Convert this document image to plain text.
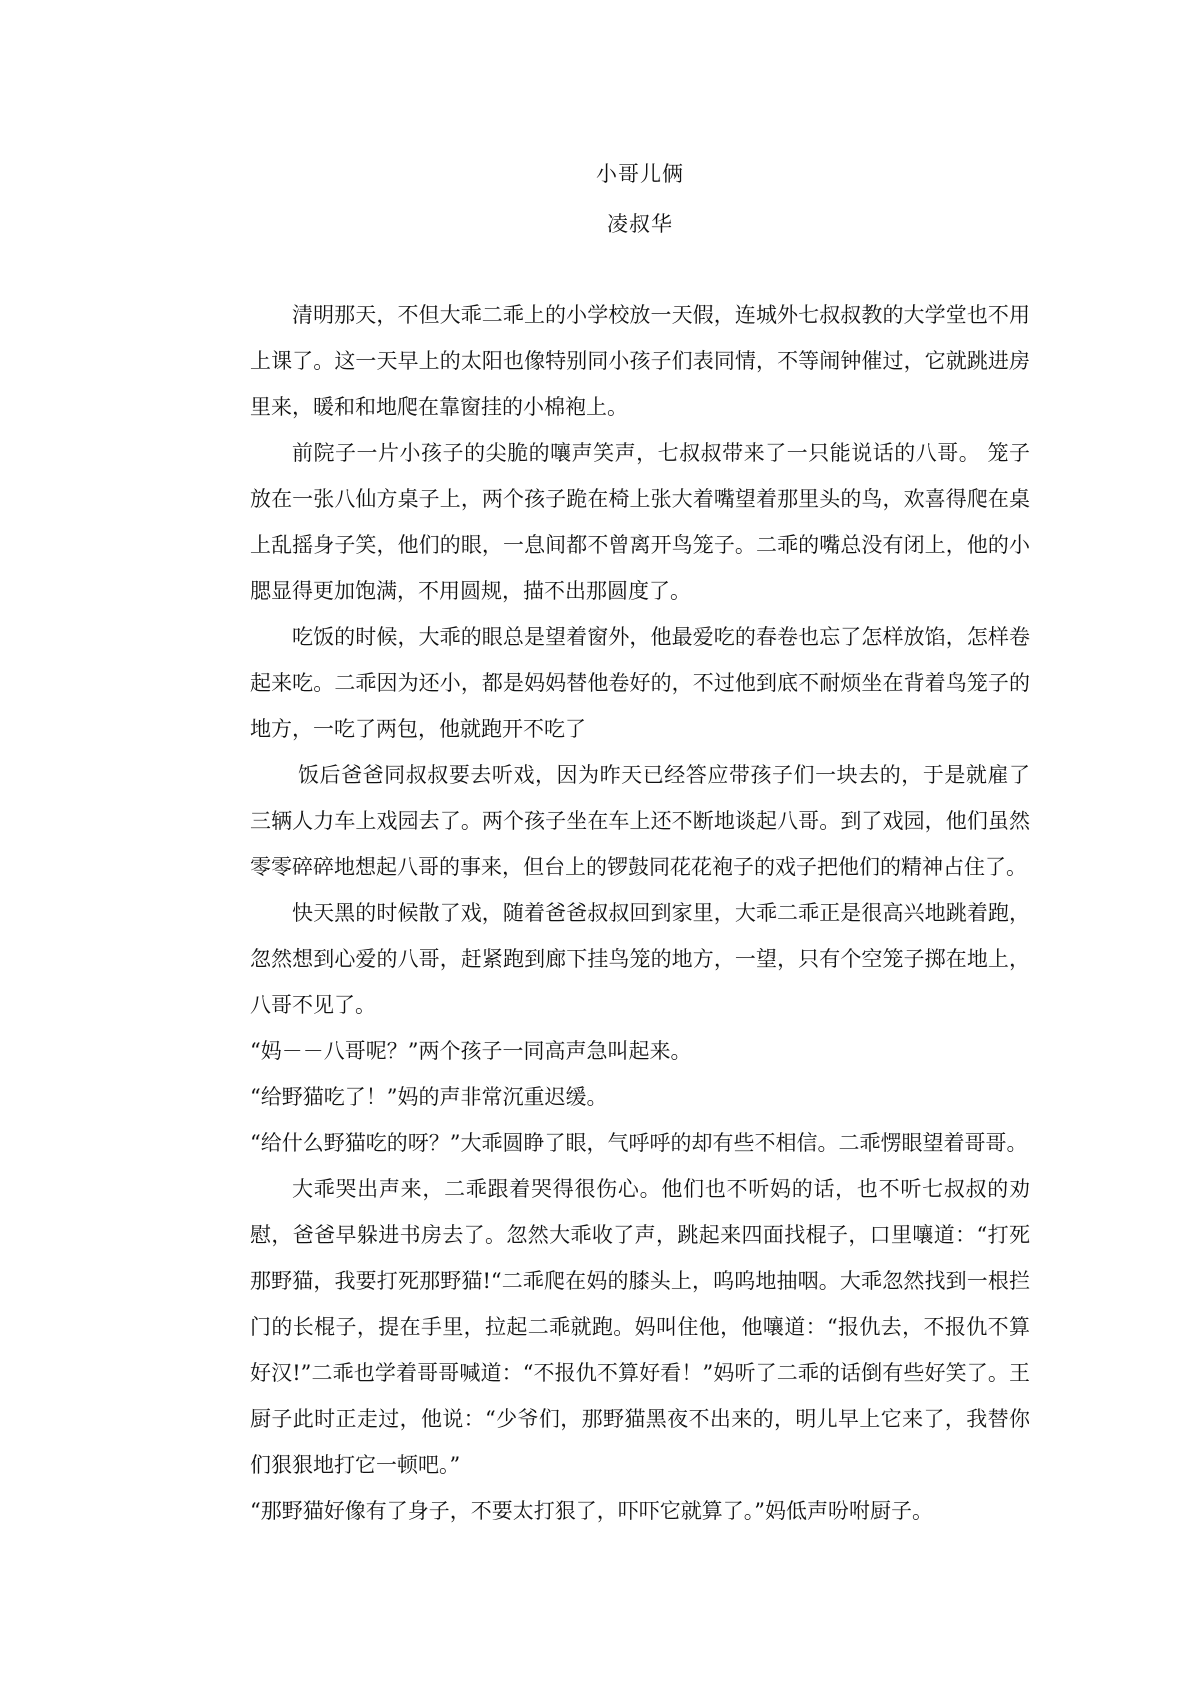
小哥儿俩

凌叔华

清明那天，不但大乖二乖上的小学校放一天假，连城外七叔叔教的大学堂也不用上课了。这一天早上的太阳也像特别同小孩子们表同情，不等闹钟催过，它就跳进房里来，暖和和地爬在靠窗挂的小棉袍上。

前院子一片小孩子的尖脆的嚷声笑声，七叔叔带来了一只能说话的八哥。 笼子放在一张八仙方桌子上，两个孩子跪在椅上张大着嘴望着那里头的鸟，欢喜得爬在桌上乱摇身子笑，他们的眼，一息间都不曾离开鸟笼子。二乖的嘴总没有闭上，他的小腮显得更加饱满，不用圆规，描不出那圆度了。

吃饭的时候，大乖的眼总是望着窗外，他最爱吃的春卷也忘了怎样放馅，怎样卷起来吃。二乖因为还小，都是妈妈替他卷好的，不过他到底不耐烦坐在背着鸟笼子的地方，一吃了两包，他就跑开不吃了

饭后爸爸同叔叔要去听戏，因为昨天已经答应带孩子们一块去的，于是就雇了三辆人力车上戏园去了。两个孩子坐在车上还不断地谈起八哥。到了戏园，他们虽然零零碎碎地想起八哥的事来，但台上的锣鼓同花花袍子的戏子把他们的精神占住了。

快天黑的时候散了戏，随着爸爸叔叔回到家里，大乖二乖正是很高兴地跳着跑，忽然想到心爱的八哥，赶紧跑到廊下挂鸟笼的地方，一望，只有个空笼子掷在地上，八哥不见了。

“妈－－八哥呢？”两个孩子一同高声急叫起来。

“给野猫吃了！”妈的声非常沉重迟缓。

“给什么野猫吃的呀？”大乖圆睁了眼，气呼呼的却有些不相信。二乖愣眼望着哥哥。

大乖哭出声来，二乖跟着哭得很伤心。他们也不听妈的话，也不听七叔叔的劝慰，爸爸早躲进书房去了。忽然大乖收了声，跳起来四面找棍子，口里嚷道：“打死那野猫，我要打死那野猫!“二乖爬在妈的膝头上，呜呜地抽咽。大乖忽然找到一根拦门的长棍子，提在手里，拉起二乖就跑。妈叫住他，他嚷道：“报仇去，不报仇不算好汉!”二乖也学着哥哥喊道：“不报仇不算好看！”妈听了二乖的话倒有些好笑了。王厨子此时正走过，他说：“少爷们，那野猫黑夜不出来的，明儿早上它来了，我替你们狠狠地打它一顿吧。”

“那野猫好像有了身子，不要太打狠了，吓吓它就算了。”妈低声吩咐厨子。
